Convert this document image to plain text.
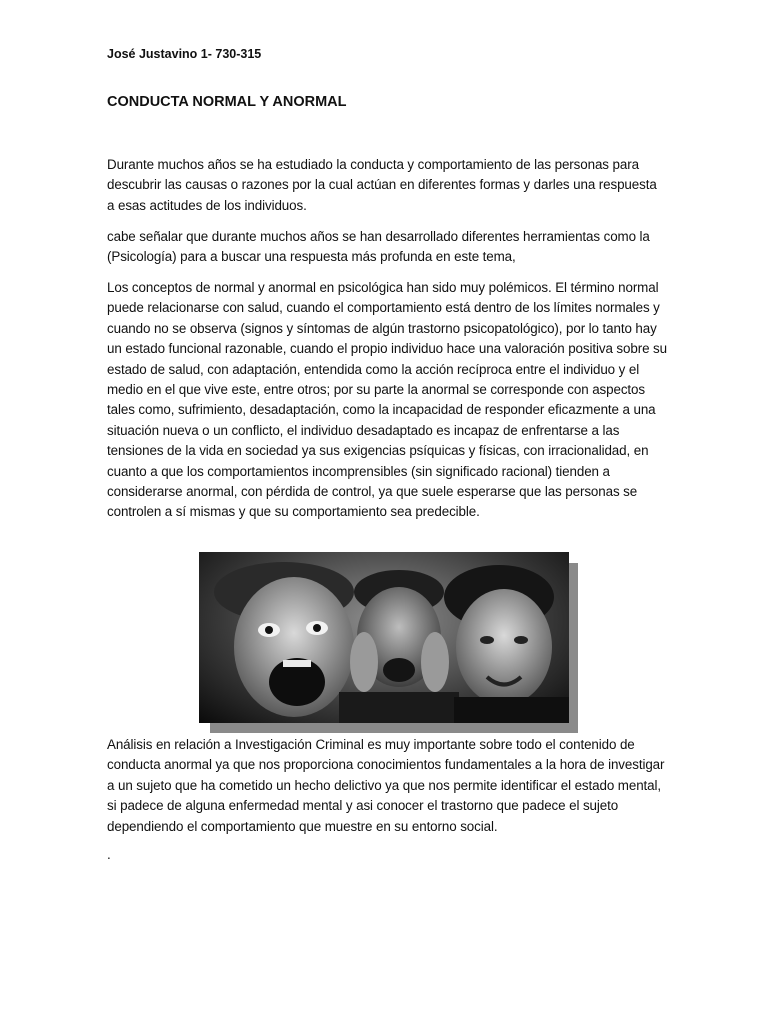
José Justavino 1- 730-315
CONDUCTA NORMAL Y ANORMAL

Durante muchos años se ha estudiado la conducta y comportamiento de las personas para descubrir las causas o razones por la cual actúan en diferentes formas y darles una respuesta a esas actitudes de los individuos.

cabe señalar que durante muchos años se han desarrollado diferentes herramientas como la (Psicología) para a buscar una respuesta más profunda en este tema,

Los conceptos de normal y anormal en psicológica han sido muy polémicos. El término normal puede relacionarse con salud, cuando el comportamiento está dentro de los límites normales y cuando no se observa (signos y síntomas de algún trastorno psicopatológico), por lo tanto hay un estado funcional razonable, cuando el propio individuo hace una valoración positiva sobre su estado de salud, con adaptación, entendida como la acción recíproca entre el individuo y el medio en el que vive este, entre otros; por su parte la anormal se corresponde con aspectos tales como, sufrimiento, desadaptación, como la incapacidad de responder eficazmente a una situación nueva o un conflicto, el individuo desadaptado es incapaz de enfrentarse a las tensiones de la vida en sociedad ya sus exigencias psíquicas y físicas, con irracionalidad, en cuanto a que los comportamientos incomprensibles (sin significado racional) tienden a considerarse anormal, con pérdida de control, ya que suele esperarse que las personas se controlen a sí mismas y que su comportamiento sea predecible.

Análisis en relación a Investigación Criminal es muy importante sobre todo el contenido de conducta anormal ya que nos proporciona conocimientos fundamentales a la hora de investigar a un sujeto que ha cometido un hecho delictivo ya que nos permite identificar el estado mental, si padece de alguna enfermedad mental y asi conocer el trastorno que padece el sujeto dependiendo el comportamiento que muestre en su entorno social.

.
